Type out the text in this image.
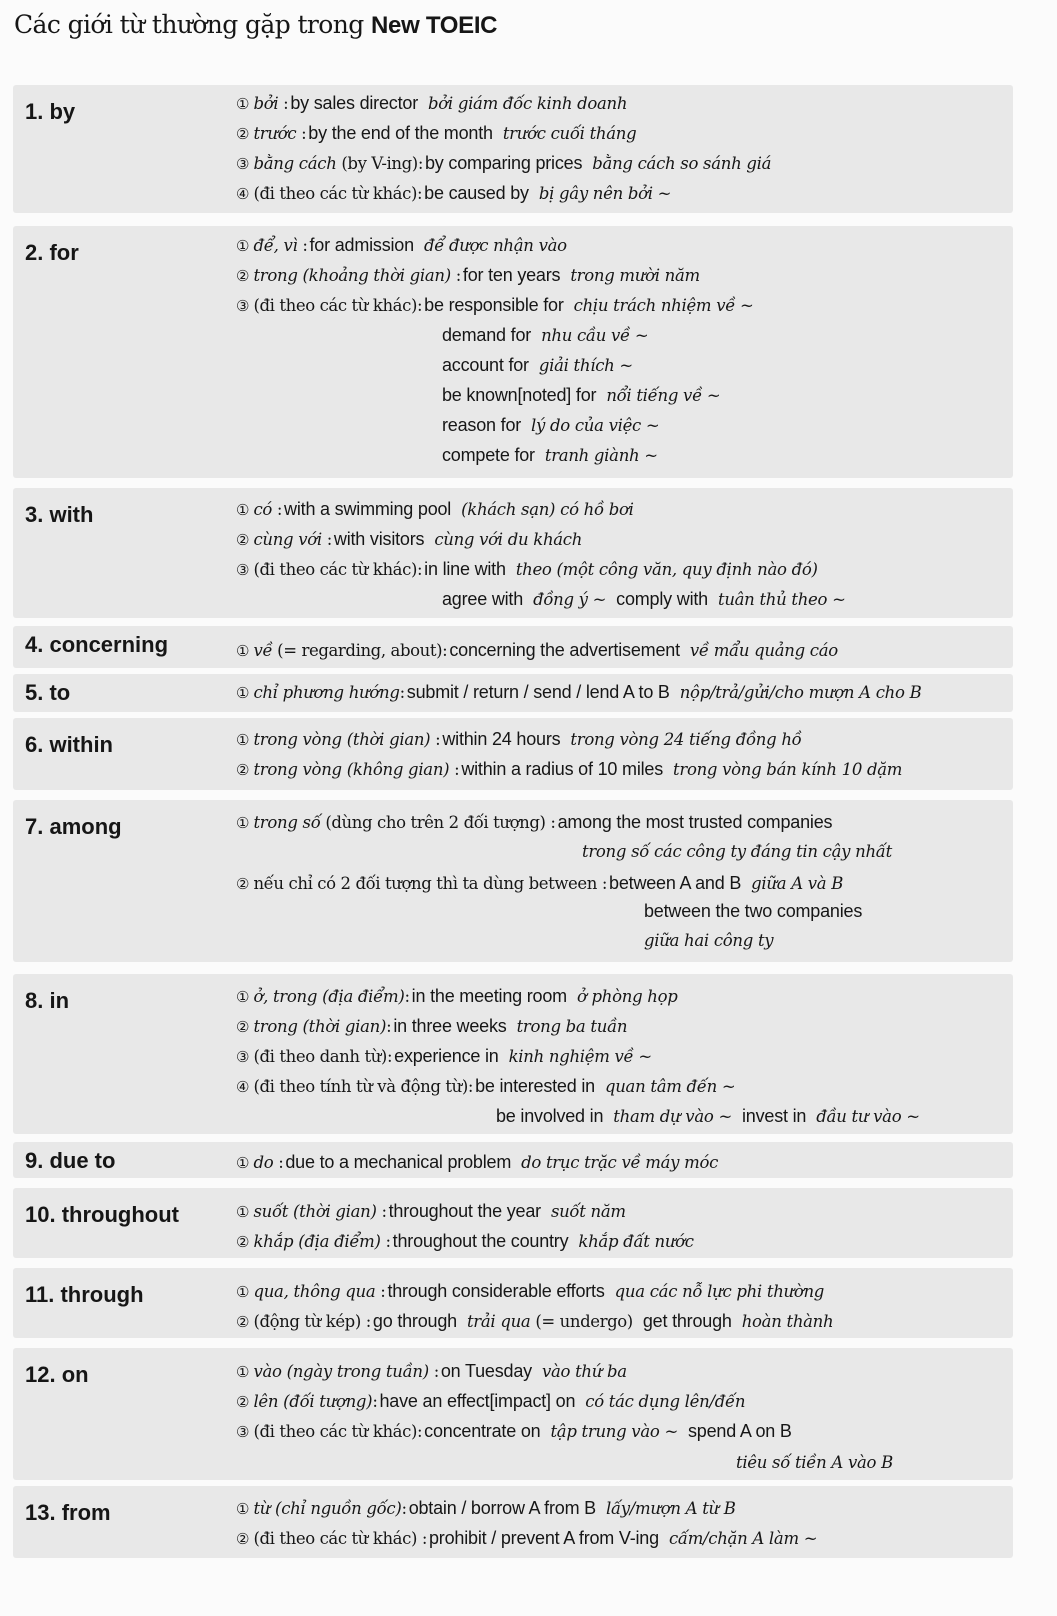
Các giới từ thường gặp trong New TOEIC
1. by	① bởi : by sales director bởi giám đốc kinh doanh
② trước : by the end of the month trước cuối tháng
③ bằng cách (by V-ing): by comparing prices bằng cách so sánh giá
④ (đi theo các từ khác): be caused by bị gây nên bởi ~
2. for	① để, vì : for admission để được nhận vào
② trong (khoảng thời gian) : for ten years trong mười năm
③ (đi theo các từ khác): be responsible for chịu trách nhiệm về ~
demand for nhu cầu về ~
account for giải thích ~
be known[noted] for nổi tiếng về ~
reason for lý do của việc ~
compete for tranh giành ~
3. with	① có : with a swimming pool (khách sạn) có hồ bơi
② cùng với : with visitors cùng với du khách
③ (đi theo các từ khác): in line with theo (một công văn, quy định nào đó)
agree with đồng ý ~ comply with tuân thủ theo ~
4. concerning	① về (= regarding, about): concerning the advertisement về mẩu quảng cáo
5. to	① chỉ phương hướng: submit / return / send / lend A to B nộp/trả/gửi/cho mượn A cho B
6. within	① trong vòng (thời gian) : within 24 hours trong vòng 24 tiếng đồng hồ
② trong vòng (không gian) : within a radius of 10 miles trong vòng bán kính 10 dặm
7. among	① trong số (dùng cho trên 2 đối tượng) : among the most trusted companies
trong số các công ty đáng tin cậy nhất
② nếu chỉ có 2 đối tượng thì ta dùng between : between A and B giữa A và B
between the two companies
giữa hai công ty
8. in	① ở, trong (địa điểm): in the meeting room ở phòng họp
② trong (thời gian): in three weeks trong ba tuần
③ (đi theo danh từ): experience in kinh nghiệm về ~
④ (đi theo tính từ và động từ): be interested in quan tâm đến ~
be involved in tham dự vào ~ invest in đầu tư vào ~
9. due to	① do : due to a mechanical problem do trục trặc về máy móc
10. throughout	① suốt (thời gian) : throughout the year suốt năm
② khắp (địa điểm) : throughout the country khắp đất nước
11. through	① qua, thông qua : through considerable efforts qua các nỗ lực phi thường
② (động từ kép) : go through trải qua (= undergo) get through hoàn thành
12. on	① vào (ngày trong tuần) : on Tuesday vào thứ ba
② lên (đối tượng): have an effect[impact] on có tác dụng lên/đến
③ (đi theo các từ khác): concentrate on tập trung vào ~ spend A on B
tiêu số tiền A vào B
13. from	① từ (chỉ nguồn gốc): obtain / borrow A from B lấy/mượn A từ B
② (đi theo các từ khác) : prohibit / prevent A from V-ing cấm/chặn A làm ~
